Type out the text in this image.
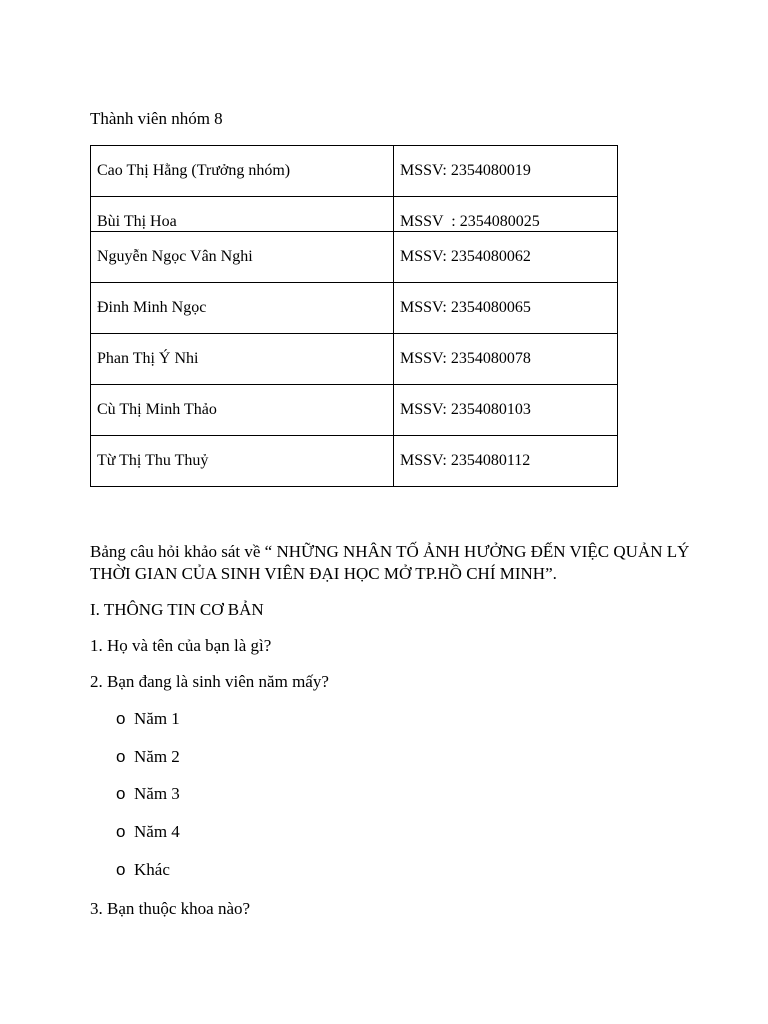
Thành viên nhóm 8
Cao Thị Hằng (Trưởng nhóm)	MSSV: 2354080019
Bùi Thị Hoa	MSSV  : 2354080025
Nguyễn Ngọc Vân Nghi	MSSV: 2354080062
Đinh Minh Ngọc	MSSV: 2354080065
Phan Thị Ý Nhi	MSSV: 2354080078
Cù Thị Minh Thảo	MSSV: 2354080103
Từ Thị Thu Thuỷ	MSSV: 2354080112
Bảng câu hỏi khảo sát về “ NHỮNG NHÂN TỐ ẢNH HƯỞNG ĐẾN VIỆC QUẢN LÝ THỜI GIAN CỦA SINH VIÊN ĐẠI HỌC MỞ TP.HỒ CHÍ MINH”.
I. THÔNG TIN CƠ BẢN
1. Họ và tên của bạn là gì?
2. Bạn đang là sinh viên năm mấy?
o Năm 1
o Năm 2
o Năm 3
o Năm 4
o Khác
3. Bạn thuộc khoa nào?
